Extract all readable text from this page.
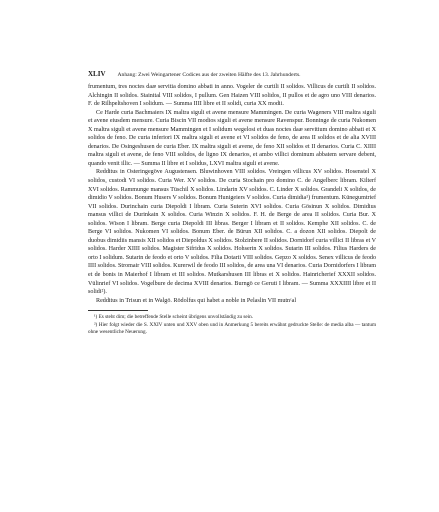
XLIV Anhang: Zwei Weingartener Codices aus der zweiten Hälfte des 13. Jahrhunderts.

frumentum, tres noctes daᴂ servitia domino abbati in anno. Vogeler de curtili II solidos. Villicus de curtili II solidos. Alchingin II solidos. Stainital VIII solidos, I pullum. Gen Haizen VIII solidos, II pullos et de agro uno VIII denarios. F. de Rilhpeltshoven I solidum. — Summa IIII libre et II solidi, curia XX modii.

Ce Harde curia Bachmaiers IX maltra siguli et avene mensure Mammingen. De curia Wageners VIII maltra siguli et avene eiusdem mensure. Curia Biscin VII modios siguli et avene mensure Ravenspur. Bonninge de curia Nukomen X maltra siguli et avene mensure Mammingen et I solidum wegelosi et duas noctes daᴂ servitium domino abbati et X solidos de feno. De curia inferiori IX maltra siguli et avene et VI solidos de feno, de area II solidos et de alia XVIII denarios. De Osingeshusen de curia Eber. IX maltra siguli et avene, de feno XII solidos et II denarios. Curia C. XIIII maltra siguli et avene, de feno VIII solidos, de ligno IX denarios, et ambo villici dominum abbatem servare debent, quando venit illic. — Summa II libre et I solidus, LXVI maltra siguli et avene.

Redditus in Osteringegöve Augustensen. Bluwinhoven VIII solidos. Vreingen villicus XV solidos. Hosenstel X solidos, custodi VI solidos. Curia Wer. XV solidos. De curia Stochain pro domino C. de Angelberc libram. Kilterf XVI solidos. Rammunge mansus Tüschil X solidos. Lindarin XV solidos. C. Linder X solidos. Grandeli X solidos, de dimidio V solidos. Bonum Husers V solidos. Bonum Hunigeiers V solidos. Curia dimidia¹) frumentum. Künegumtrief VII solidos. Durinchain curia Diepoldi I libram. Curia Suterin XVI solidos. Curia Gösinun X solidos. Dimidius mansus villici de Durinkain X solidos. Curia Winzin X solidos. F. H. de Berge de area II solidos. Curia Bur. X solidos. Wison I libram. Berge curia Diepoldi III libras. Berger I libram et II solidos. Kemphe XII solidos. C. de Berge VI solidos. Nukomen VI solidos. Bonum Eber. de Bürun XII solidos. C. a dozon XII solidos. Diepolt de duobus dimidiis mansis XII solidos et Diepoldus X solidos. Stolzinbere II solidos. Dornidorf curia villici II libras et V solidos. Harder XIIII solidos. Magister Sifridus X solidos. Hohserin X solidos. Sutarin III solidos. Filius Harders de orto I solidum. Sutarin de feodo et orto V solidos. Filia Dotarii VIII solidos. Gepzo X solidos. Senex villicus de feodo IIII solidos. Stromair VIII solidos. Kurerwil de feodo III solidos, de area una VI denarios. Curia Dornidorfers I libram et de bonis in Maierhof I libram et III solidos. Mutkarshusen III libras et X solidos. Hainricherief XXXII solidos. Vülinrief VI solidos. Vogelbure de decima XVIII denarios. Burngö ce Geruti I libram. — Summa XXXIIII libre et II solidi²).

Redditus in Trisun et in Walgö. Rödolfus qui habet a noble in Pelaslin VII mutnᶜal

¹) Es steht dim; die betreffende Stelle scheint übrigens unvollständig zu sein.

²) Hier folgt wieder die S. XXIV unten und XXV oben und in Anmerkung 5 bereits erwähnt gedruckte Stelle: de media alba — tantum ohne wesentliche Neuerung.
